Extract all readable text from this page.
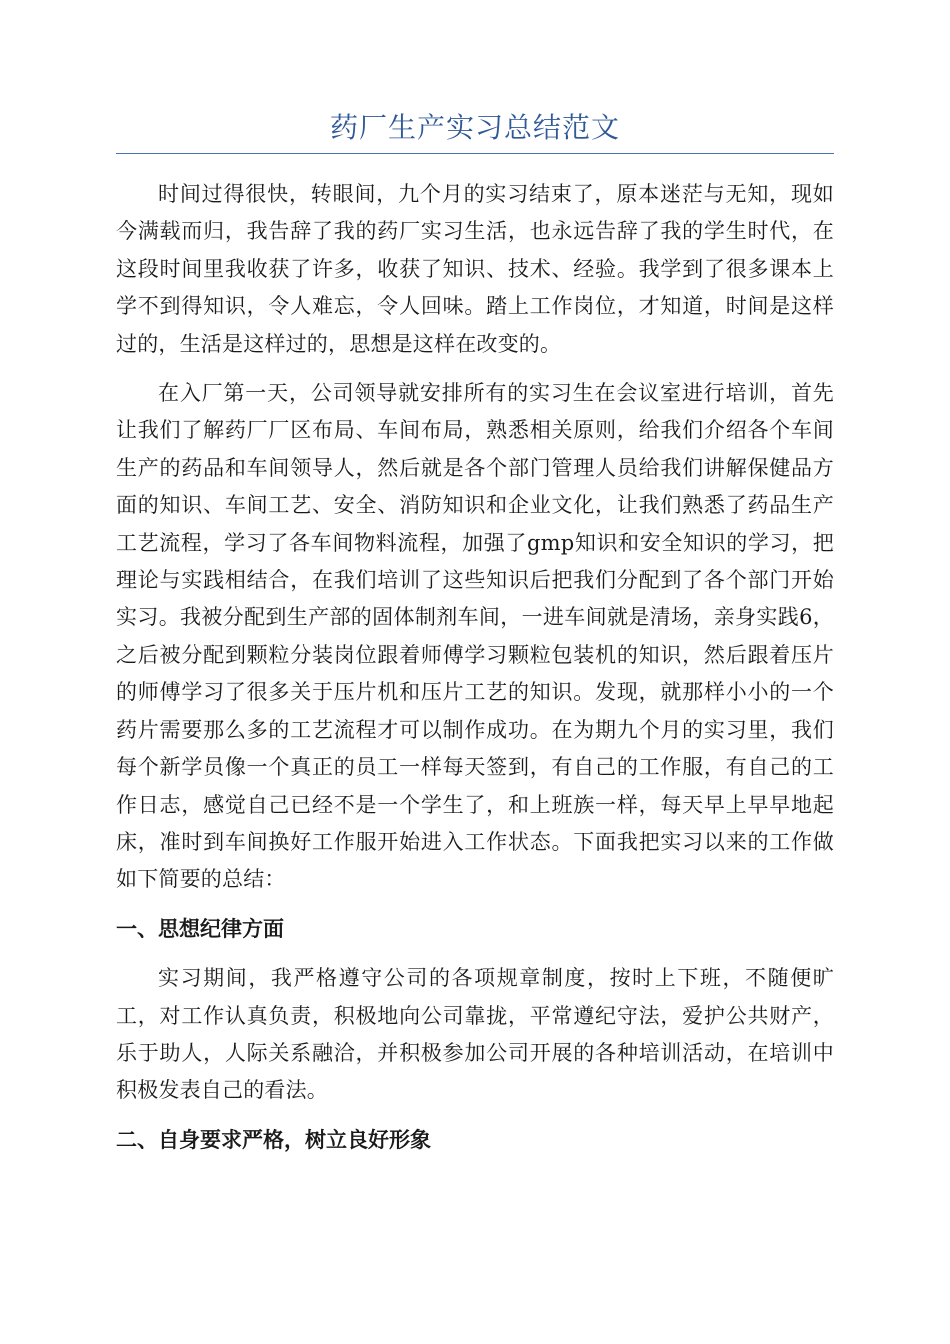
药厂生产实习总结范文

时间过得很快，转眼间，九个月的实习结束了，原本迷茫与无知，现如今满载而归，我告辞了我的药厂实习生活，也永远告辞了我的学生时代，在这段时间里我收获了许多，收获了知识、技术、经验。我学到了很多课本上学不到得知识，令人难忘，令人回味。踏上工作岗位，才知道，时间是这样过的，生活是这样过的，思想是这样在改变的。

在入厂第一天，公司领导就安排所有的实习生在会议室进行培训，首先让我们了解药厂厂区布局、车间布局，熟悉相关原则，给我们介绍各个车间生产的药品和车间领导人，然后就是各个部门管理人员给我们讲解保健品方面的知识、车间工艺、安全、消防知识和企业文化，让我们熟悉了药品生产工艺流程，学习了各车间物料流程，加强了gmp知识和安全知识的学习，把理论与实践相结合，在我们培训了这些知识后把我们分配到了各个部门开始实习。我被分配到生产部的固体制剂车间，一进车间就是清场，亲身实践6，之后被分配到颗粒分装岗位跟着师傅学习颗粒包装机的知识，然后跟着压片的师傅学习了很多关于压片机和压片工艺的知识。发现，就那样小小的一个药片需要那么多的工艺流程才可以制作成功。在为期九个月的实习里，我们每个新学员像一个真正的员工一样每天签到，有自己的工作服，有自己的工作日志，感觉自己已经不是一个学生了，和上班族一样，每天早上早早地起床，准时到车间换好工作服开始进入工作状态。下面我把实习以来的工作做如下简要的总结：

一、思想纪律方面

实习期间，我严格遵守公司的各项规章制度，按时上下班，不随便旷工，对工作认真负责，积极地向公司靠拢，平常遵纪守法，爱护公共财产，乐于助人，人际关系融洽，并积极参加公司开展的各种培训活动，在培训中积极发表自己的看法。

二、自身要求严格，树立良好形象
